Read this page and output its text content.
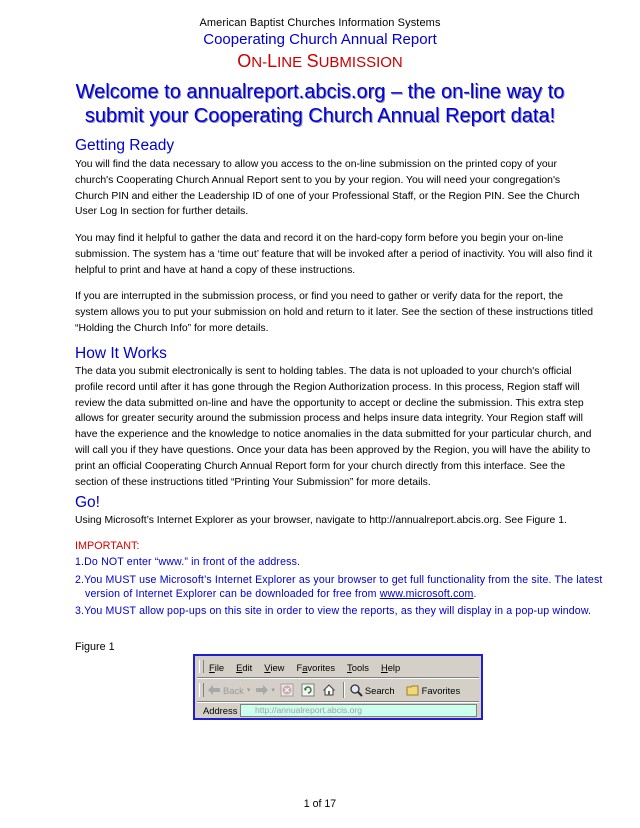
American Baptist Churches Information Systems
Cooperating Church Annual Report
ON-LINE SUBMISSION
Welcome to annualreport.abcis.org – the on-line way to
submit your Cooperating Church Annual Report data!
Getting Ready
You will find the data necessary to allow you access to the on-line submission on the printed copy of your church's Cooperating Church Annual Report sent to you by your region. You will need your congregation's Church PIN and either the Leadership ID of one of your Professional Staff, or the Region PIN. See the Church User Log In section for further details.
You may find it helpful to gather the data and record it on the hard-copy form before you begin your on-line submission. The system has a ‘time out’ feature that will be invoked after a period of inactivity. You will also find it helpful to print and have at hand a copy of these instructions.
If you are interrupted in the submission process, or find you need to gather or verify data for the report, the system allows you to put your submission on hold and return to it later. See the section of these instructions titled “Holding the Church Info” for more details.
How It Works
The data you submit electronically is sent to holding tables. The data is not uploaded to your church's official profile record until after it has gone through the Region Authorization process. In this process, Region staff will review the data submitted on-line and have the opportunity to accept or decline the submission. This extra step allows for greater security around the submission process and helps insure data integrity. Your Region staff will have the experience and the knowledge to notice anomalies in the data submitted for your particular church, and will call you if they have questions. Once your data has been approved by the Region, you will have the ability to print an official Cooperating Church Annual Report form for your church directly from this interface. See the section of these instructions titled “Printing Your Submission” for more details.
Go!
Using Microsoft’s Internet Explorer as your browser, navigate to http://annualreport.abcis.org. See Figure 1.
IMPORTANT:
1.Do NOT enter “www.” in front of the address.
2.You MUST use Microsoft’s Internet Explorer as your browser to get full functionality from the site. The latest version of Internet Explorer can be downloaded for free from www.microsoft.com.
3.You MUST allow pop-ups on this site in order to view the reports, as they will display in a pop-up window.
Figure 1
File Edit View Favorites Tools Help
Back ▾	▾	Search	Favorites
Address	http://annualreport.abcis.org
1 of 17
